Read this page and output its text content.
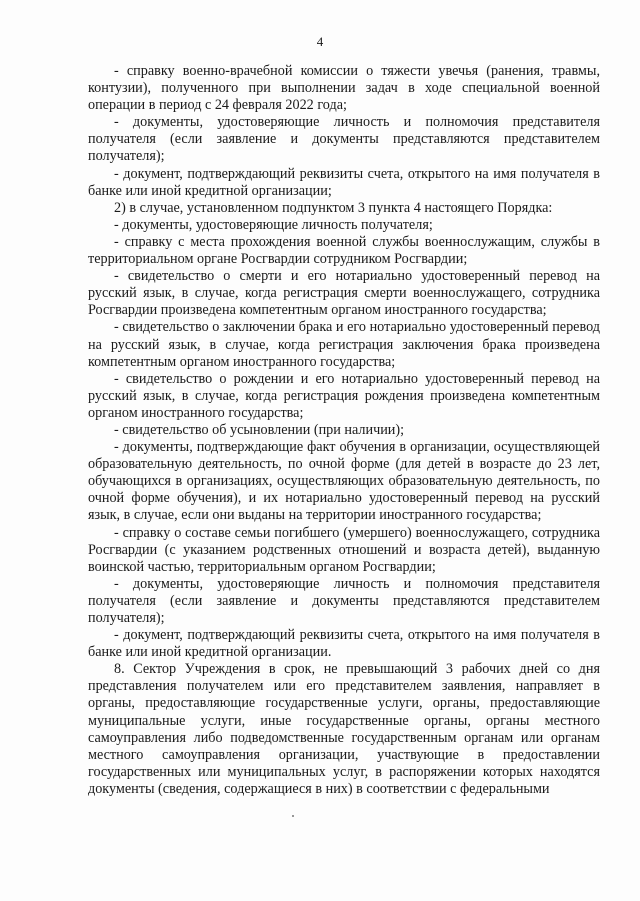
4

- справку военно-врачебной комиссии о тяжести увечья (ранения, травмы, контузии), полученного при выполнении задач в ходе специальной военной операции в период с 24 февраля 2022 года;

- документы, удостоверяющие личность и полномочия представителя получателя (если заявление и документы представляются представителем получателя);

- документ, подтверждающий реквизиты счета, открытого на имя получателя в банке или иной кредитной организации;

2) в случае, установленном подпунктом 3 пункта 4 настоящего Порядка:

- документы, удостоверяющие личность получателя;

- справку с места прохождения военной службы военнослужащим, службы в территориальном органе Росгвардии сотрудником Росгвардии;

- свидетельство о смерти и его нотариально удостоверенный перевод на русский язык, в случае, когда регистрация смерти военнослужащего, сотрудника Росгвардии произведена компетентным органом иностранного государства;

- свидетельство о заключении брака и его нотариально удостоверенный перевод на русский язык, в случае, когда регистрация заключения брака произведена компетентным органом иностранного государства;

- свидетельство о рождении и его нотариально удостоверенный перевод на русский язык, в случае, когда регистрация рождения произведена компетентным органом иностранного государства;

- свидетельство об усыновлении (при наличии);

- документы, подтверждающие факт обучения в организации, осуществляющей образовательную деятельность, по очной форме (для детей в возрасте до 23 лет, обучающихся в организациях, осуществляющих образовательную деятельность, по очной форме обучения), и их нотариально удостоверенный перевод на русский язык, в случае, если они выданы на территории иностранного государства;

- справку о составе семьи погибшего (умершего) военнослужащего, сотрудника Росгвардии (с указанием родственных отношений и возраста детей), выданную воинской частью, территориальным органом Росгвардии;

- документы, удостоверяющие личность и полномочия представителя получателя (если заявление и документы представляются представителем получателя);

- документ, подтверждающий реквизиты счета, открытого на имя получателя в банке или иной кредитной организации.

8. Сектор Учреждения в срок, не превышающий 3 рабочих дней со дня представления получателем или его представителем заявления, направляет в органы, предоставляющие государственные услуги, органы, предоставляющие муниципальные услуги, иные государственные органы, органы местного самоуправления либо подведомственные государственным органам или органам местного самоуправления организации, участвующие в предоставлении государственных или муниципальных услуг, в распоряжении которых находятся документы (сведения, содержащиеся в них) в соответствии с федеральными
